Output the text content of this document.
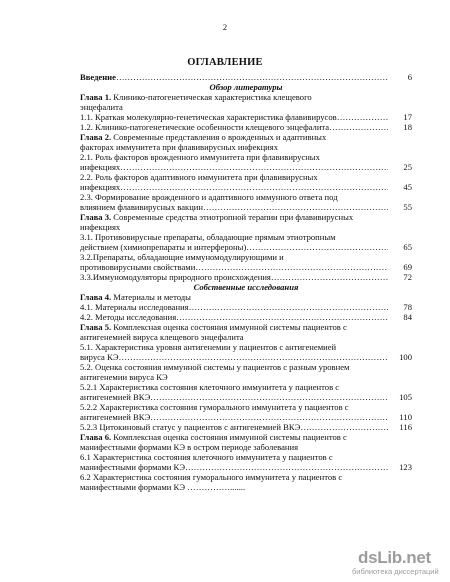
2
ОГЛАВЛЕНИЕ
Введение ………………………………………………………………………………………………………………………………	6
Обзор литературы
Глава 1. Клинико-патогенетическая характеристика клещевого
энцефалита
1.1. Краткая молекулярно-генетическая характеристика флавивирусов ………………………………………………………………………………………………………………………………	17
1.2. Клинико-патогенетические особенности клещевого энцефалита ………………………………………………………………………………………………………………………………	18
Глава 2. Современные представления о врожденных и адаптивных
факторах иммунитета при флавивирусных инфекциях
2.1. Роль факторов врожденного иммунитета при флавивирусных
инфекциях ………………………………………………………………………………………………………………………………	25
2.2. Роль факторов адаптивного иммунитета при флавивирусных
инфекциях ………………………………………………………………………………………………………………………………	45
2.3. Формирование врожденного и адаптивного иммунного ответа под
влиянием флавивирусных вакцин ………………………………………………………………………………………………………………………………	55
Глава 3. Современные средства этиотропной терапии при флавивирусных
инфекциях
3.1. Противовирусные препараты, обладающие прямым этиотропным
действием (химиопрепараты и интерфероны) ………………………………………………………………………………………………………………………………	65
3.2.Препараты, обладающие иммуномодулирующими и
противовирусными свойствами ………………………………………………………………………………………………………………………………	69
3.3.Иммуномодуляторы природного происхождения ………………………………………………………………………………………………………………………………	72
Собственные исследования
Глава 4. Материалы и методы
4.1. Материалы исследования ………………………………………………………………………………………………………………………………	78
4.2. Методы исследования ………………………………………………………………………………………………………………………………	84
Глава 5. Комплексная оценка состояния иммунной системы пациентов с
антигенемией вируса клещевого энцефалита
5.1. Характеристика уровня антигенемии у пациентов с антигенемией
вируса КЭ ………………………………………………………………………………………………………………………………	100
5.2. Оценка состояния иммунной системы у пациентов с разным уровнем
антигенемии вируса КЭ
5.2.1 Характеристика состояния клеточного иммунитета у пациентов с
антигенемией ВКЭ ………………………………………………………………………………………………………………………………	105
5.2.2 Характеристика состояния гуморального иммунитета у пациентов с
антигенемией ВКЭ ………………………………………………………………………………………………………………………………	110
5.2.3 Цитокиновый статус у пациентов с антигенемией ВКЭ ………………………………………………………………………………………………………………………………	116
Глава 6. Комплексная оценка состояния иммунной системы пациентов с
манифестными формами КЭ в остром периоде заболевания
6.1 Характеристика состояния клеточного иммунитета у пациентов с
манифестными формами КЭ ………………………………………………………………………………………………………………………………	123
6.2 Характеристика состояния гуморального иммунитета у пациентов с
манифестными формами КЭ …………….......
dsLib.net
библиотека диссертаций
